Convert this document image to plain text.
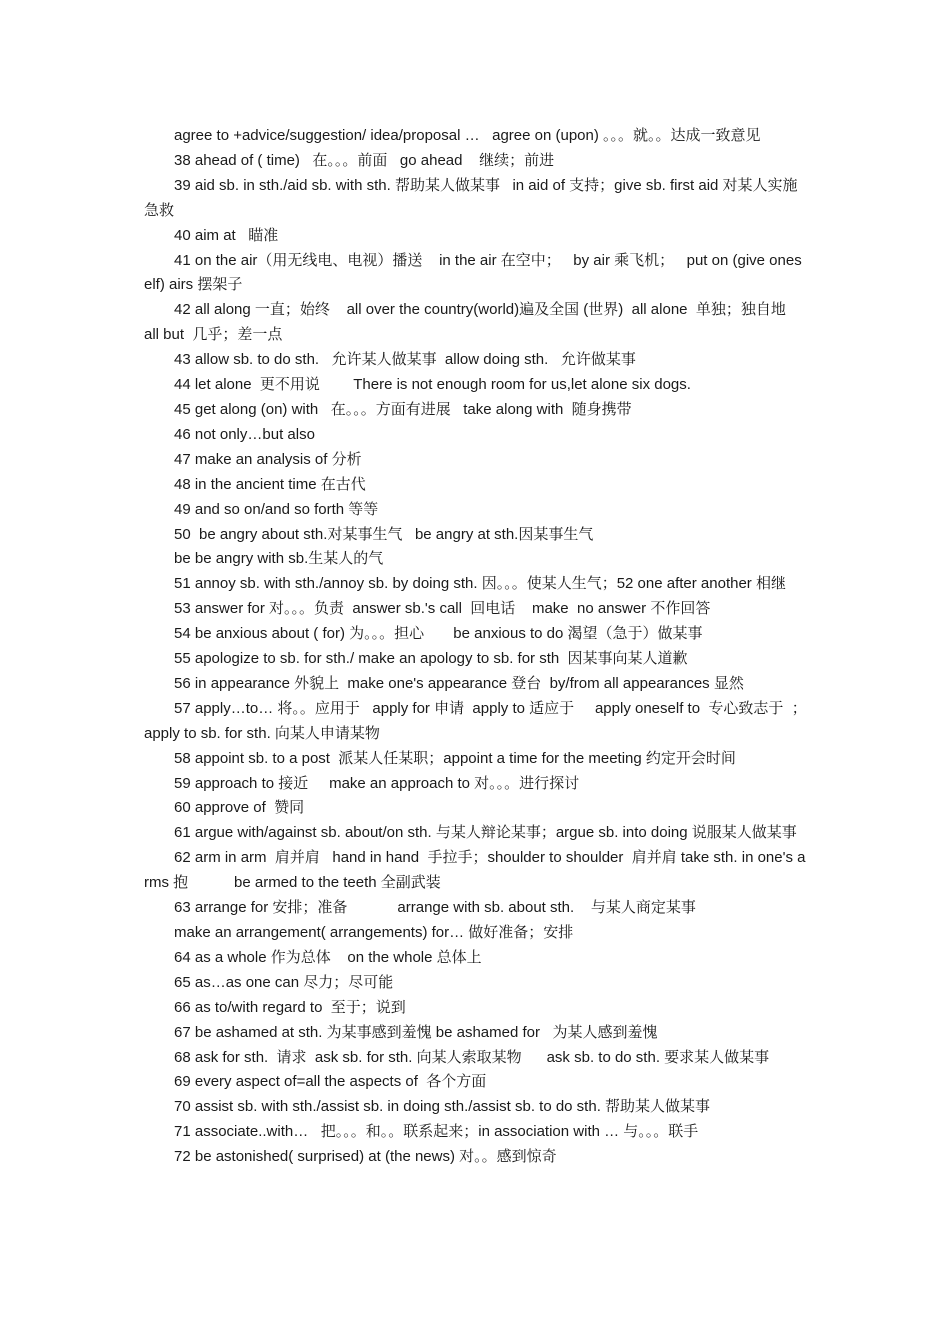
agree to +advice/suggestion/ idea/proposal …   agree on (upon) 。。。就。。达成一致意见

38 ahead of ( time)   在。。。前面   go ahead    继续；前进

39 aid sb. in sth./aid sb. with sth. 帮助某人做某事   in aid of 支持；give sb. first aid 对某人实施急救

40 aim at   瞄准

41 on the air（用无线电、电视）播送    in the air 在空中；   by air 乘飞机；   put on (give oneself) airs 摆架子

42 all along 一直；始终    all over the country(world)遍及全国 (世界)  all alone  单独；独自地    all but  几乎；差一点

43 allow sb. to do sth.   允许某人做某事  allow doing sth.   允许做某事

44 let alone  更不用说        There is not enough room for us,let alone six dogs.

45 get along (on) with   在。。。方面有进展   take along with  随身携带

46 not only…but also

47 make an analysis of 分析

48 in the ancient time 在古代

49 and so on/and so forth 等等

50  be angry about sth.对某事生气   be angry at sth.因某事生气

be be angry with sb.生某人的气

51 annoy sb. with sth./annoy sb. by doing sth. 因。。。使某人生气；52 one after another 相继

53 answer for 对。。。负责  answer sb.'s call  回电话    make  no answer 不作回答

54 be anxious about ( for) 为。。。担心       be anxious to do 渴望（急于）做某事

55 apologize to sb. for sth./ make an apology to sb. for sth  因某事向某人道歉

56 in appearance 外貌上  make one's appearance 登台  by/from all appearances 显然

57 apply…to… 将。。应用于   apply for 申请  apply to 适应于     apply oneself to  专心致志于  ；  apply to sb. for sth. 向某人申请某物

58 appoint sb. to a post  派某人任某职；appoint a time for the meeting 约定开会时间

59 approach to 接近     make an approach to 对。。。进行探讨

60 approve of  赞同

61 argue with/against sb. about/on sth. 与某人辩论某事；argue sb. into doing 说服某人做某事

62 arm in arm  肩并肩   hand in hand  手拉手；shoulder to shoulder  肩并肩 take sth. in one's arms 抱           be armed to the teeth 全副武装

63 arrange for 安排；准备            arrange with sb. about sth.    与某人商定某事

make an arrangement( arrangements) for… 做好准备；安排

64 as a whole 作为总体    on the whole 总体上

65 as…as one can 尽力；尽可能

66 as to/with regard to  至于；说到

67 be ashamed at sth. 为某事感到羞愧 be ashamed for   为某人感到羞愧

68 ask for sth.  请求  ask sb. for sth. 向某人索取某物      ask sb. to do sth. 要求某人做某事

69 every aspect of=all the aspects of  各个方面

70 assist sb. with sth./assist sb. in doing sth./assist sb. to do sth. 帮助某人做某事

71 associate..with…   把。。。和。。联系起来；in association with … 与。。。联手

72 be astonished( surprised) at (the news) 对。。感到惊奇
